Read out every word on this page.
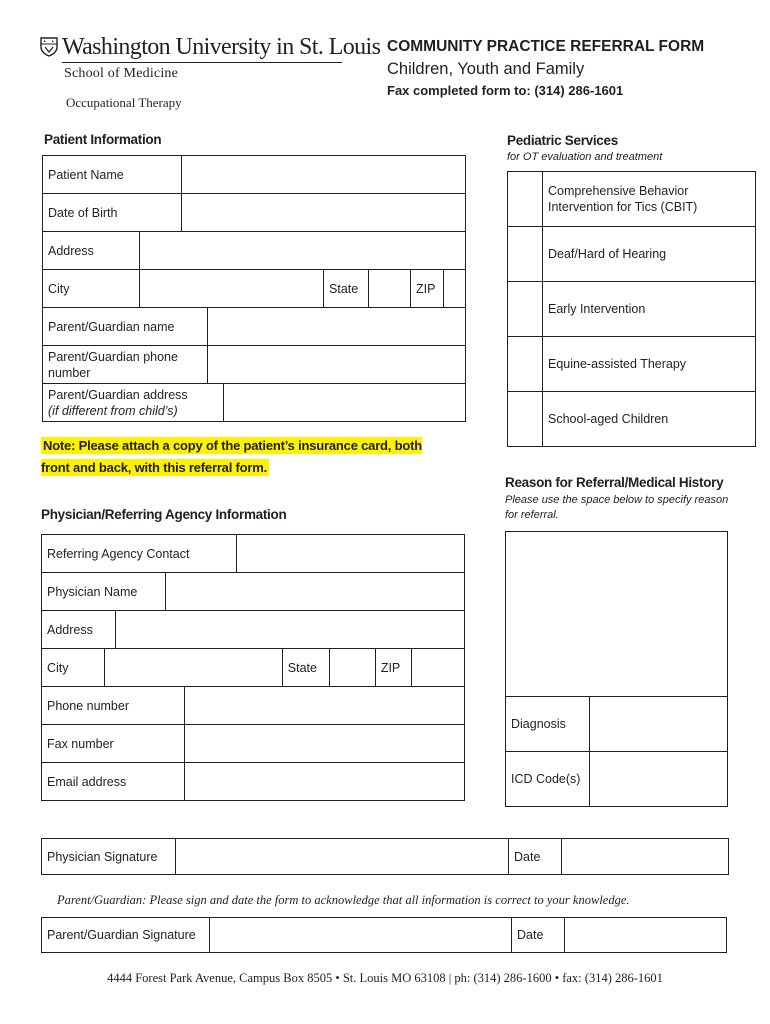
Washington University in St. Louis
School of Medicine
Occupational Therapy
COMMUNITY PRACTICE REFERRAL FORM
Children, Youth and Family
Fax completed form to: (314) 286-1601
Patient Information
Patient Name								
Date of Birth								
Address								
City					State		ZIP	
Parent/Guardian name								
Parent/Guardian phone number								

Parent/Guardian address
(if different from child’s)								

Note: Please attach a copy of the patient’s insurance card, both front and back, with this referral form.
Pediatric Services
for OT evaluation and treatment
	Comprehensive Behavior Intervention for Tics (CBIT)
	Deaf/Hard of Hearing
	Early Intervention
	Equine-assisted Therapy
	School-aged Children
Physician/Referring Agency Information
Referring Agency Contact									
Physician Name									
Address									
City						State		ZIP	
Phone number									
Fax number									
Email address									
Reason for Referral/Medical History
Please use the space below to specify reason for referral.

Diagnosis	
ICD Code(s)	
Physician Signature		Date	
Parent/Guardian: Please sign and date the form to acknowledge that all information is correct to your knowledge.
Parent/Guardian Signature		Date	
4444 Forest Park Avenue, Campus Box 8505 • St. Louis MO 63108 | ph: (314) 286-1600 • fax: (314) 286-1601
